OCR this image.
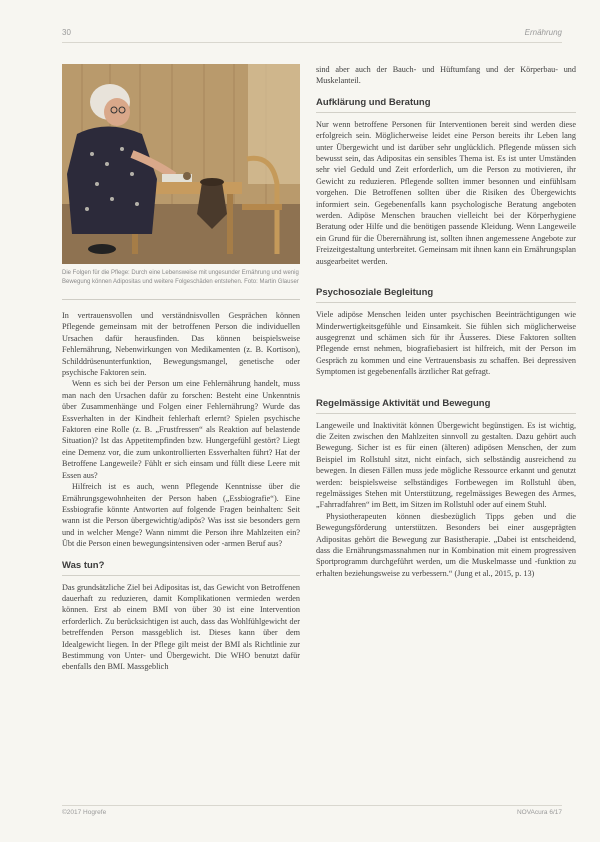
30	Ernährung
Die Folgen für die Pflege: Durch eine Lebensweise mit ungesunder Ernährung und wenig Bewegung können Adipositas und weitere Folgeschäden entstehen. Foto: Martin Glauser

In vertrauensvollen und verständnisvollen Gesprächen können Pflegende gemeinsam mit der betroffenen Person die individuellen Ursachen dafür herausfinden. Das können beispielsweise Fehlernährung, Nebenwirkungen von Medikamenten (z. B. Kortison), Schilddrüsenunterfunktion, Bewegungsmangel, genetische oder psychische Faktoren sein.

Wenn es sich bei der Person um eine Fehlernährung handelt, muss man nach den Ursachen dafür zu forschen: Besteht eine Unkenntnis über Zusammenhänge und Folgen einer Fehlernährung? Wurde das Essverhalten in der Kindheit fehlerhaft erlernt? Spielen psychische Faktoren eine Rolle (z. B. „Frustfressen“ als Reaktion auf belastende Situation)? Ist das Appetitempfinden bzw. Hungergefühl gestört? Liegt eine Demenz vor, die zum unkontrollierten Essverhalten führt? Hat der Betroffene Langeweile? Fühlt er sich einsam und füllt diese Leere mit Essen aus?

Hilfreich ist es auch, wenn Pflegende Kenntnisse über die Ernährungsgewohnheiten der Person haben („Essbiografie“). Eine Essbiografie könnte Antworten auf folgende Fragen beinhalten: Seit wann ist die Person übergewichtig/adipös? Was isst sie besonders gern und in welcher Menge? Wann nimmt die Person ihre Mahlzeiten ein? Übt die Person einen bewegungsintensiven oder -armen Beruf aus?

Was tun?

Das grundsätzliche Ziel bei Adipositas ist, das Gewicht von Betroffenen dauerhaft zu reduzieren, damit Komplikationen vermieden werden können. Erst ab einem BMI von über 30 ist eine Intervention erforderlich. Zu berücksichtigen ist auch, dass das Wohlfühlgewicht der betreffenden Person massgeblich ist. Dieses kann über dem Idealgewicht liegen. In der Pflege gilt meist der BMI als Richtlinie zur Bestimmung von Unter- und Übergewicht. Die WHO benutzt dafür ebenfalls den BMI. Massgeblich

sind aber auch der Bauch- und Hüftumfang und der Körperbau- und Muskelanteil.

Aufklärung und Beratung

Nur wenn betroffene Personen für Interventionen bereit sind werden diese erfolgreich sein. Möglicherweise leidet eine Person bereits ihr Leben lang unter Übergewicht und ist darüber sehr unglücklich. Pflegende müssen sich bewusst sein, das Adipositas ein sensibles Thema ist. Es ist unter Umständen sehr viel Geduld und Zeit erforderlich, um die Person zu motivieren, ihr Gewicht zu reduzieren. Pflegende sollten immer besonnen und einfühlsam vorgehen. Die Betroffenen sollten über die Risiken des Übergewichts informiert sein. Gegebenenfalls kann psychologische Beratung angeboten werden. Adipöse Menschen brauchen vielleicht bei der Körperhygiene Beratung oder Hilfe und die benötigen passende Kleidung. Wenn Langeweile ein Grund für die Überernährung ist, sollten ihnen angemessene Angebote zur Freizeitgestaltung unterbreitet. Gemeinsam mit ihnen kann ein Ernährungsplan ausgearbeitet werden.

Psychosoziale Begleitung

Viele adipöse Menschen leiden unter psychischen Beeinträchtigungen wie Minderwertigkeitsgefühle und Einsamkeit. Sie fühlen sich möglicherweise ausgegrenzt und schämen sich für ihr Äusseres. Diese Faktoren sollten Pflegende ernst nehmen, biografiebasiert ist hilfreich, mit der Person im Gespräch zu kommen und eine Vertrauensbasis zu schaffen. Bei depressiven Symptomen ist gegebenenfalls ärztlicher Rat gefragt.

Regelmässige Aktivität und Bewegung

Langeweile und Inaktivität können Übergewicht begünstigen. Es ist wichtig, die Zeiten zwischen den Mahlzeiten sinnvoll zu gestalten. Dazu gehört auch Bewegung. Sicher ist es für einen (älteren) adipösen Menschen, der zum Beispiel im Rollstuhl sitzt, nicht einfach, sich selbständig ausreichend zu bewegen. In diesen Fällen muss jede mögliche Ressource erkannt und genutzt werden: beispielsweise selbständiges Fortbewegen im Rollstuhl üben, regelmässiges Stehen mit Unterstützung, regelmässiges Bewegen des Armes, „Fahrradfahren“ im Bett, im Sitzen im Rollstuhl oder auf einem Stuhl.

Physiotherapeuten können diesbezüglich Tipps geben und die Bewegungsförderung unterstützen. Besonders bei einer ausgeprägten Adipositas gehört die Bewegung zur Basistherapie. „Dabei ist entscheidend, dass die Ernährungsmassnahmen nur in Kombination mit einem progressiven Sportprogramm durchgeführt werden, um die Muskelmasse und -funktion zu erhalten beziehungsweise zu verbessern.“ (Jung et al., 2015, p. 13)

©2017 Hogrefe	NOVAcura 6/17
